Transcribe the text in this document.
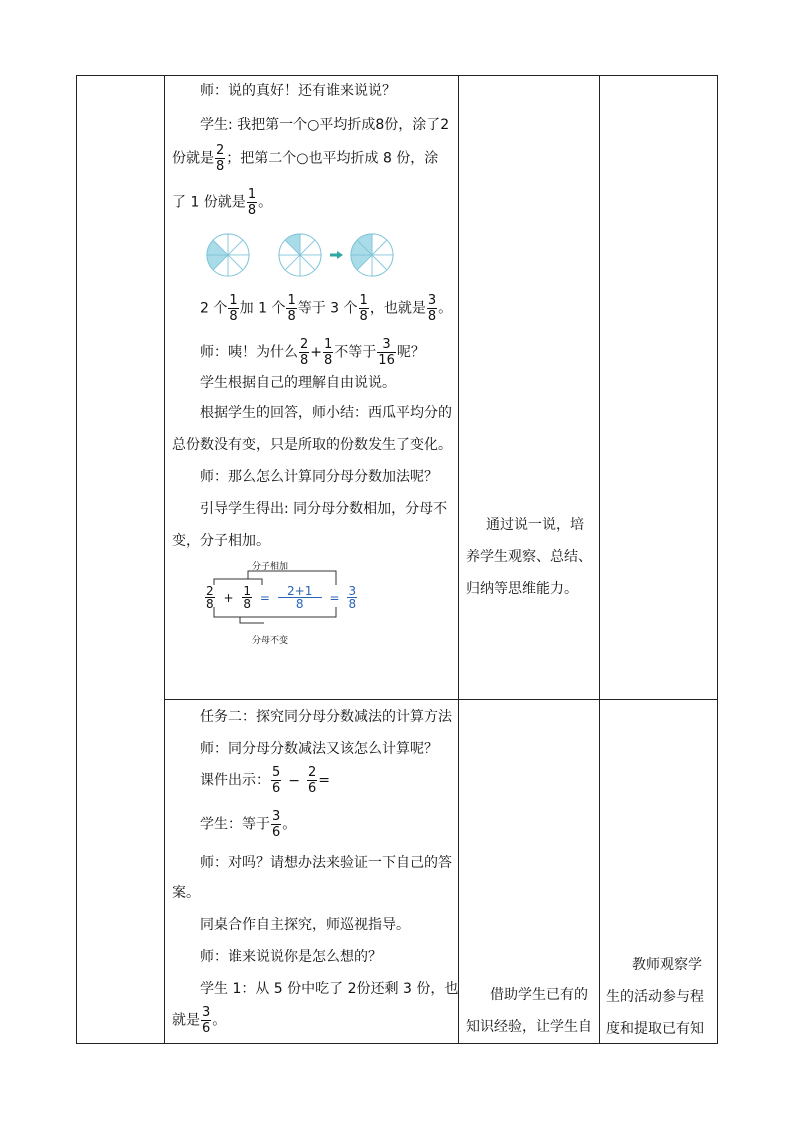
师：说的真好！还有谁来说说？
学生: 我把第一个○平均折成8份，涂了2
份就是 $\frac{2}{8}$ ；把第二个○也平均折成 8 份，涂
了 1 份就是 $\frac{1}{8}$ 。
2 个 $\frac{1}{8}$ 加 1 个 $\frac{1}{8}$ 等于 3 个 $\frac{1}{8}$ ，也就是 $\frac{3}{8}$ 。
师：咦！为什么 $\frac{2}{8} + \frac{1}{8}$ 不等于 $\frac{3}{16}$ 呢？
学生根据自己的理解自由说说。
根据学生的回答，师小结：西瓜平均分的
总份数没有变，只是所取的份数发生了变化。
师：那么怎么计算同分母分数加法呢？
引导学生得出: 同分母分数相加，分母不
变，分子相加。
分子相加
分母不变
$\frac{2}{8} + \frac{1}{8} = \frac{2+1}{8} = \frac{3}{8}$
通过说一说，培
养学生观察、总结、
归纳等思维能力。
任务二：探究同分母分数减法的计算方法
师：同分母分数减法又该怎么计算呢？
课件出示： $\frac{5}{6} - \frac{2}{6}$ =
学生：等于 $\frac{3}{6}$ 。
师：对吗？请想办法来验证一下自己的答
案。
同桌合作自主探究，师巡视指导。
师：谁来说说你是怎么想的？
学生 1：从 5 份中吃了 2份还剩 3 份，也
就是 $\frac{3}{6}$ 。
借助学生已有的
知识经验，让学生自
教师观察学
生的活动参与程
度和提取已有知
